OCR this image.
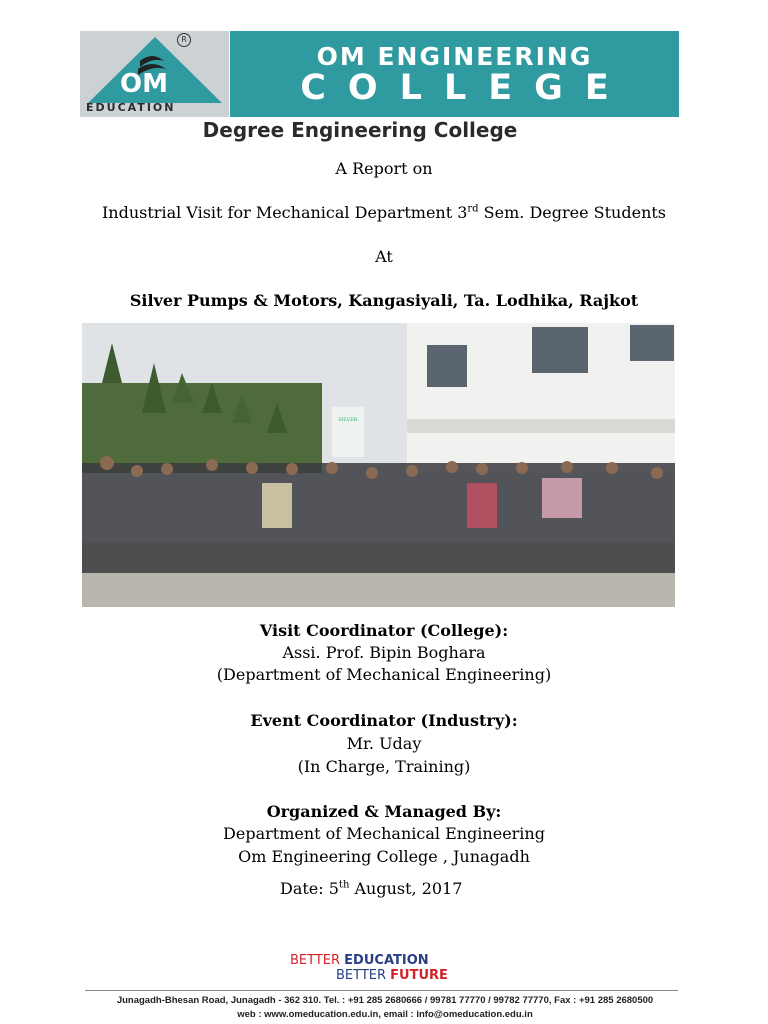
OM
R
EDUCATION
OM ENGINEERING
COLLEGE
Degree Engineering College
A Report on
Industrial Visit for Mechanical Department 3rd Sem. Degree Students
At
Silver Pumps & Motors, Kangasiyali, Ta. Lodhika, Rajkot
SILVER
Visit Coordinator (College):
Assi. Prof. Bipin Boghara
(Department of Mechanical Engineering)
Event Coordinator (Industry):
Mr. Uday
(In Charge, Training)
Organized & Managed By:
Department of Mechanical Engineering
Om Engineering College , Junagadh
Date: 5th August, 2017
BETTER EDUCATION
BETTER FUTURE
Junagadh-Bhesan Road, Junagadh - 362 310. Tel. : +91 285 2680666 / 99781 77770 / 99782 77770, Fax : +91 285 2680500
web : www.omeducation.edu.in, email : info@omeducation.edu.in
